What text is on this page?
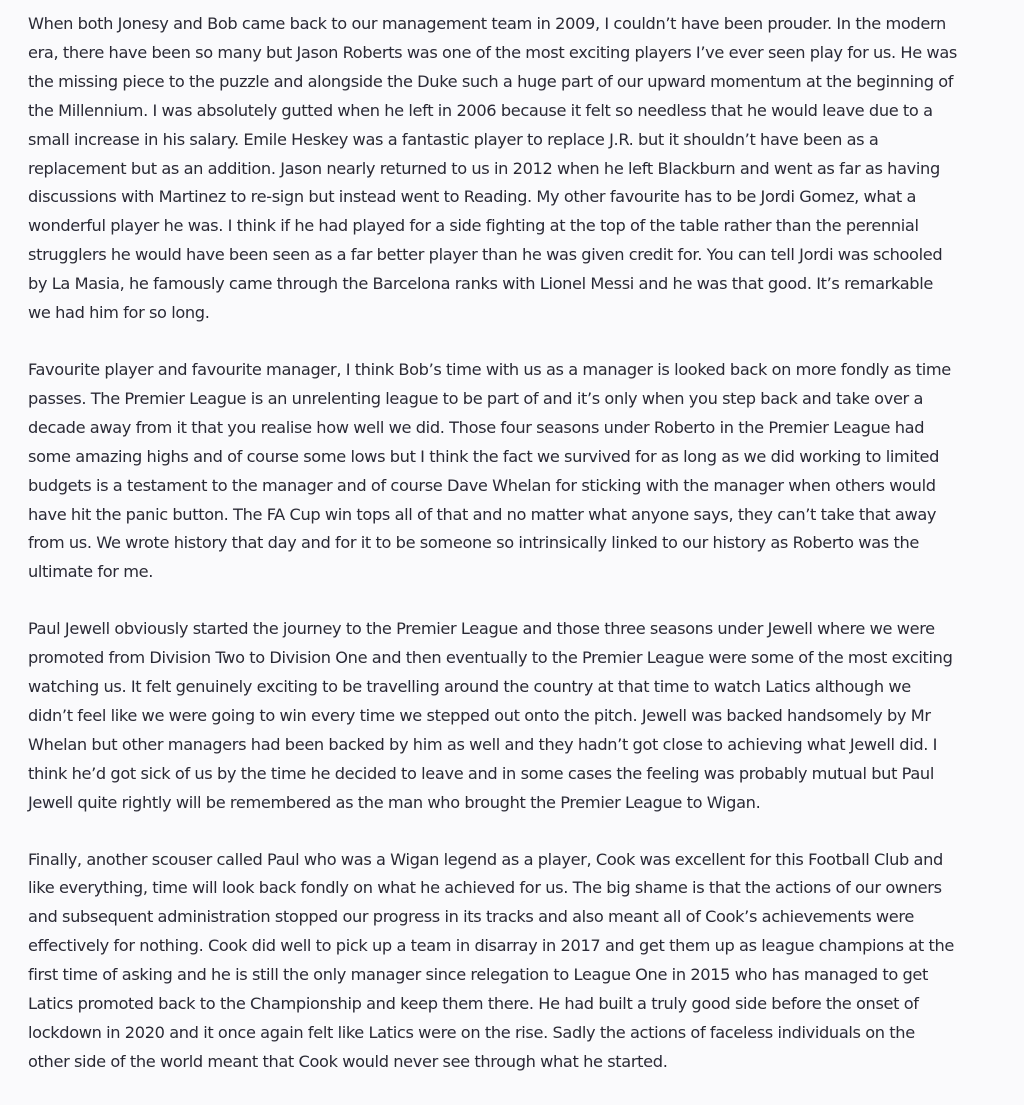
When both Jonesy and Bob came back to our management team in 2009, I couldn’t have been prouder. In the modern era, there have been so many but Jason Roberts was one of the most exciting players I’ve ever seen play for us. He was the missing piece to the puzzle and alongside the Duke such a huge part of our upward momentum at the beginning of the Millennium. I was absolutely gutted when he left in 2006 because it felt so needless that he would leave due to a small increase in his salary. Emile Heskey was a fantastic player to replace J.R. but it shouldn’t have been as a replacement but as an addition. Jason nearly returned to us in 2012 when he left Blackburn and went as far as having discussions with Martinez to re-sign but instead went to Reading. My other favourite has to be Jordi Gomez, what a wonderful player he was. I think if he had played for a side fighting at the top of the table rather than the perennial strugglers he would have been seen as a far better player than he was given credit for. You can tell Jordi was schooled by La Masia, he famously came through the Barcelona ranks with Lionel Messi and he was that good. It’s remarkable we had him for so long.

Favourite player and favourite manager, I think Bob’s time with us as a manager is looked back on more fondly as time passes. The Premier League is an unrelenting league to be part of and it’s only when you step back and take over a decade away from it that you realise how well we did. Those four seasons under Roberto in the Premier League had some amazing highs and of course some lows but I think the fact we survived for as long as we did working to limited budgets is a testament to the manager and of course Dave Whelan for sticking with the manager when others would have hit the panic button. The FA Cup win tops all of that and no matter what anyone says, they can’t take that away from us. We wrote history that day and for it to be someone so intrinsically linked to our history as Roberto was the ultimate for me.

Paul Jewell obviously started the journey to the Premier League and those three seasons under Jewell where we were promoted from Division Two to Division One and then eventually to the Premier League were some of the most exciting watching us. It felt genuinely exciting to be travelling around the country at that time to watch Latics although we didn’t feel like we were going to win every time we stepped out onto the pitch. Jewell was backed handsomely by Mr Whelan but other managers had been backed by him as well and they hadn’t got close to achieving what Jewell did. I think he’d got sick of us by the time he decided to leave and in some cases the feeling was probably mutual but Paul Jewell quite rightly will be remembered as the man who brought the Premier League to Wigan.

Finally, another scouser called Paul who was a Wigan legend as a player, Cook was excellent for this Football Club and like everything, time will look back fondly on what he achieved for us. The big shame is that the actions of our owners and subsequent administration stopped our progress in its tracks and also meant all of Cook’s achievements were effectively for nothing. Cook did well to pick up a team in disarray in 2017 and get them up as league champions at the first time of asking and he is still the only manager since relegation to League One in 2015 who has managed to get Latics promoted back to the Championship and keep them there. He had built a truly good side before the onset of lockdown in 2020 and it once again felt like Latics were on the rise. Sadly the actions of faceless individuals on the other side of the world meant that Cook would never see through what he started.
